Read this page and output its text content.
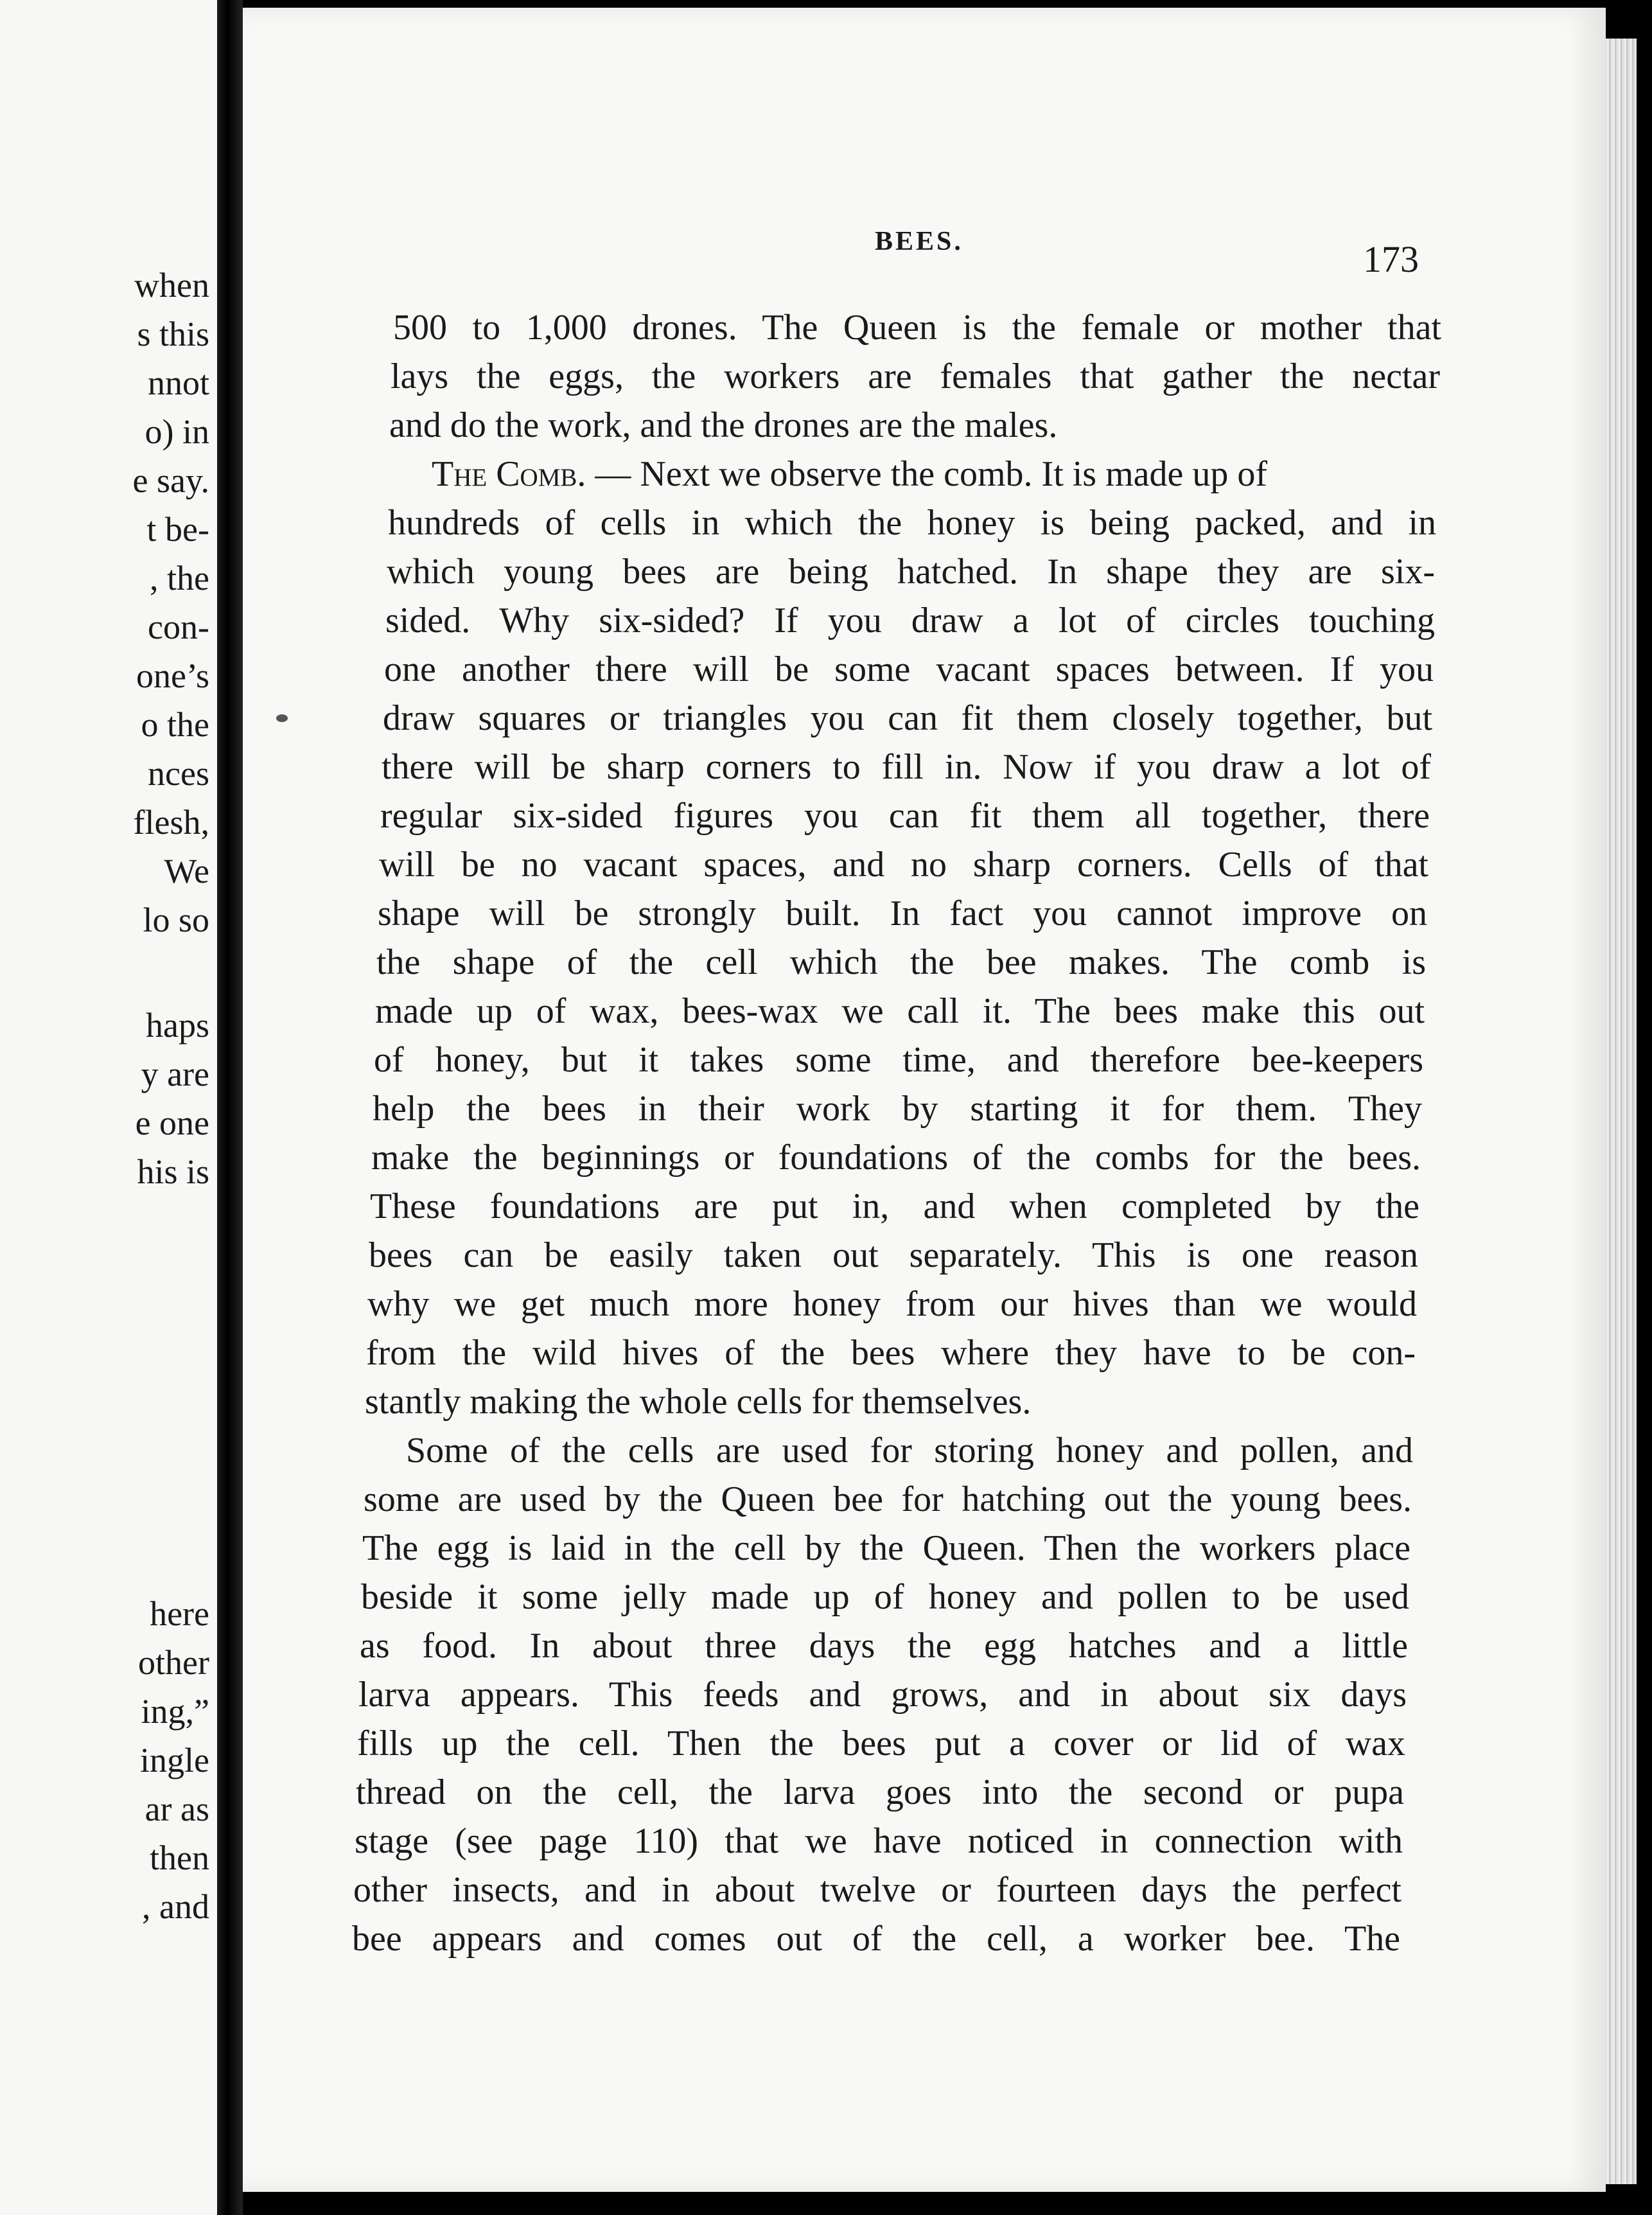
when
s this
nnot
o) in
e say.
t be-
, the
con-
one’s
o the
nces
flesh,
We
lo so
haps
y are
e one
his is
here
other
ing,”
ingle
ar as
then
, and
BEES.	173
500 to 1,000 drones. The Queen is the female or mother that
lays the eggs, the workers are females that gather the nectar
and do the work, and the drones are the males.
The Comb. — Next we observe the comb. It is made up of
hundreds of cells in which the honey is being packed, and in
which young bees are being hatched. In shape they are six-
sided. Why six-sided? If you draw a lot of circles touching
one another there will be some vacant spaces between. If you
draw squares or triangles you can fit them closely together, but
there will be sharp corners to fill in. Now if you draw a lot of
regular six-sided figures you can fit them all together, there
will be no vacant spaces, and no sharp corners. Cells of that
shape will be strongly built. In fact you cannot improve on
the shape of the cell which the bee makes. The comb is
made up of wax, bees-wax we call it. The bees make this out
of honey, but it takes some time, and therefore bee-keepers
help the bees in their work by starting it for them. They
make the beginnings or foundations of the combs for the bees.
These foundations are put in, and when completed by the
bees can be easily taken out separately. This is one reason
why we get much more honey from our hives than we would
from the wild hives of the bees where they have to be con-
stantly making the whole cells for themselves.
Some of the cells are used for storing honey and pollen, and
some are used by the Queen bee for hatching out the young bees.
The egg is laid in the cell by the Queen. Then the workers place
beside it some jelly made up of honey and pollen to be used
as food. In about three days the egg hatches and a little
larva appears. This feeds and grows, and in about six days
fills up the cell. Then the bees put a cover or lid of wax
thread on the cell, the larva goes into the second or pupa
stage (see page 110) that we have noticed in connection with
other insects, and in about twelve or fourteen days the perfect
bee appears and comes out of the cell, a worker bee. The
